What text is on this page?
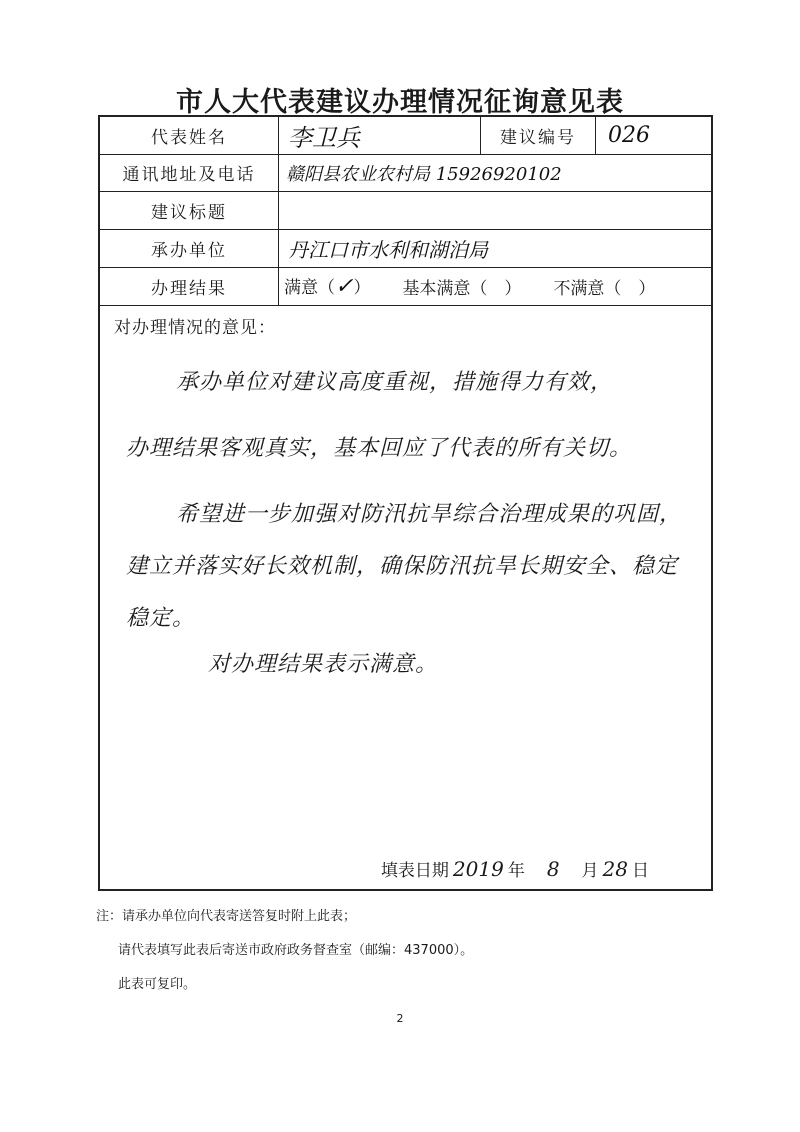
市人大代表建议办理情况征询意见表
代表姓名	李卫兵	建议编号	026
通讯地址及电话	赣阳县农业农村局 15926920102
建议标题
承办单位	丹江口市水利和湖泊局
办理结果	满意（✓） 基本满意（　） 不满意（　）
对办理情况的意见：
承办单位对建议高度重视，措施得力有效，
办理结果客观真实，基本回应了代表的所有关切。
希望进一步加强对防汛抗旱综合治理成果的巩固，
建立并落实好长效机制，确保防汛抗旱长期安全、稳定
稳定。
对办理结果表示满意。
填表日期 2019 年 8 月 28 日
注：请承办单位向代表寄送答复时附上此表；
请代表填写此表后寄送市政府政务督查室（邮编：437000）。
此表可复印。
2
